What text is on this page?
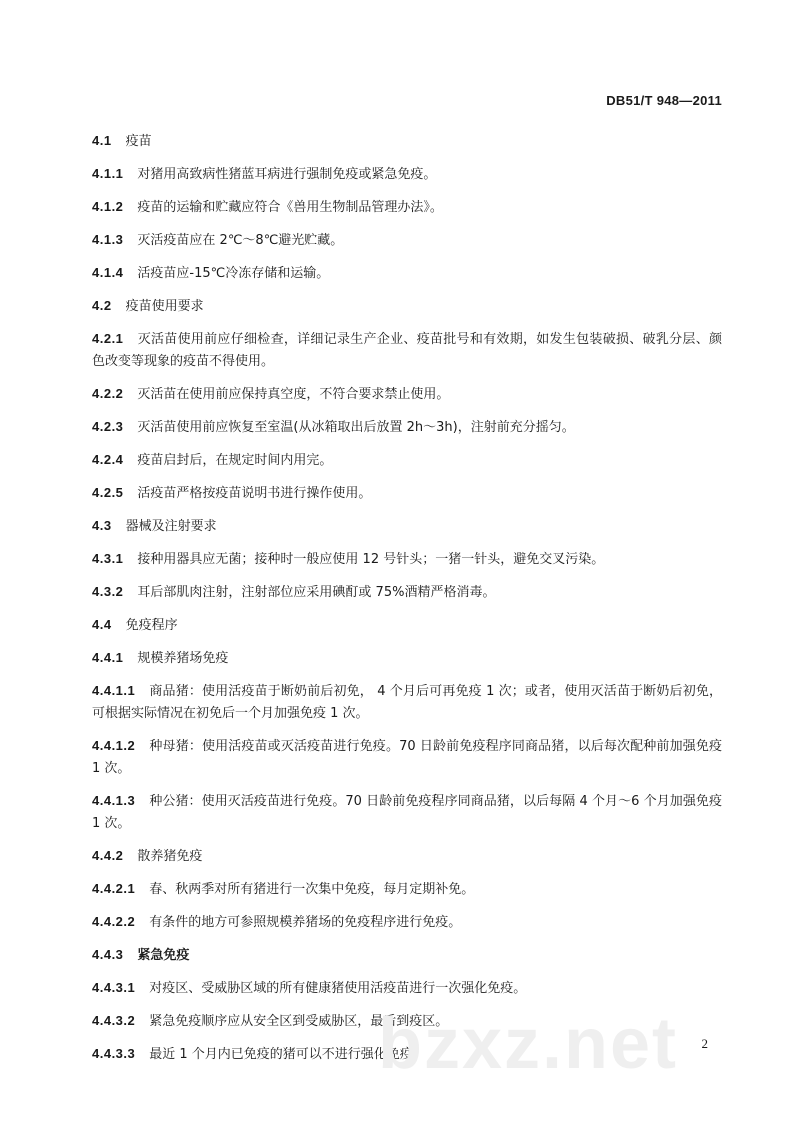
DB51/T 948—2011

4.1 疫苗

4.1.1 对猪用高致病性猪蓝耳病进行强制免疫或紧急免疫。

4.1.2 疫苗的运输和贮藏应符合《兽用生物制品管理办法》。

4.1.3 灭活疫苗应在 2℃～8℃避光贮藏。

4.1.4 活疫苗应-15℃冷冻存储和运输。

4.2 疫苗使用要求

4.2.1 灭活苗使用前应仔细检查，详细记录生产企业、疫苗批号和有效期，如发生包装破损、破乳分层、颜色改变等现象的疫苗不得使用。

4.2.2 灭活苗在使用前应保持真空度，不符合要求禁止使用。

4.2.3 灭活苗使用前应恢复至室温(从冰箱取出后放置 2h～3h)，注射前充分摇匀。

4.2.4 疫苗启封后，在规定时间内用完。

4.2.5 活疫苗严格按疫苗说明书进行操作使用。

4.3 器械及注射要求

4.3.1 接种用器具应无菌；接种时一般应使用 12 号针头；一猪一针头，避免交叉污染。

4.3.2 耳后部肌肉注射，注射部位应采用碘酊或 75%酒精严格消毒。

4.4 免疫程序

4.4.1 规模养猪场免疫

4.4.1.1 商品猪：使用活疫苗于断奶前后初免， 4 个月后可再免疫 1 次；或者，使用灭活苗于断奶后初免，可根据实际情况在初免后一个月加强免疫 1 次。

4.4.1.2 种母猪：使用活疫苗或灭活疫苗进行免疫。70 日龄前免疫程序同商品猪，以后每次配种前加强免疫 1 次。

4.4.1.3 种公猪：使用灭活疫苗进行免疫。70 日龄前免疫程序同商品猪，以后每隔 4 个月～6 个月加强免疫 1 次。

4.4.2 散养猪免疫

4.4.2.1 春、秋两季对所有猪进行一次集中免疫，每月定期补免。

4.4.2.2 有条件的地方可参照规模养猪场的免疫程序进行免疫。

4.4.3 紧急免疫

4.4.3.1 对疫区、受威胁区域的所有健康猪使用活疫苗进行一次强化免疫。

4.4.3.2 紧急免疫顺序应从安全区到受威胁区，最后到疫区。

4.4.3.3 最近 1 个月内已免疫的猪可以不进行强化免疫。

2
bzxz.net
